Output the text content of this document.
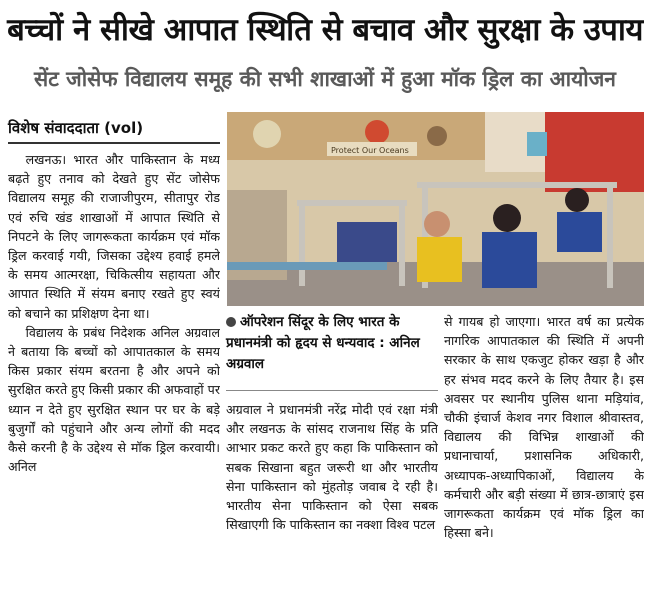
बच्चों ने सीखे आपात स्थिति से बचाव और सुरक्षा के उपाय
सेंट जोसेफ विद्यालय समूह की सभी शाखाओं में हुआ मॉक ड्रिल का आयोजन
विशेष संवाददाता (vol)

लखनऊ। भारत और पाकिस्तान के मध्य बढ़ते हुए तनाव को देखते हुए सेंट जोसेफ विद्यालय समूह की राजाजीपुरम, सीतापुर रोड एवं रुचि खंड शाखाओं में आपात स्थिति से निपटने के लिए जागरूकता कार्यक्रम एवं मॉक ड्रिल करवाई गयी, जिसका उद्देश्य हवाई हमले के समय आत्मरक्षा, चिकित्सीय सहायता और आपात स्थिति में संयम बनाए रखते हुए स्वयं को बचाने का प्रशिक्षण देना था।

विद्यालय के प्रबंध निदेशक अनिल अग्रवाल ने बताया कि बच्चों को आपातकाल के समय किस प्रकार संयम बरतना है और अपने को सुरक्षित करते हुए किसी प्रकार की अफवाहों पर ध्यान न देते हुए सुरक्षित स्थान पर घर के बड़े बुजुर्गों को पहुंचाने और अन्य लोगों की मदद कैसे करनी है के उद्देश्य से मॉक ड्रिल करवायी। अनिल

Protect Our Oceans
ऑपरेशन सिंदूर के लिए भारत के प्रधानमंत्री को हृदय से धन्यवाद : अनिल अग्रवाल
अग्रवाल ने प्रधानमंत्री नरेंद्र मोदी एवं रक्षा मंत्री और लखनऊ के सांसद राजनाथ सिंह के प्रति आभार प्रकट करते हुए कहा कि पाकिस्तान को सबक सिखाना बहुत जरूरी था और भारतीय सेना पाकिस्तान को मुंहतोड़ जवाब दे रही है। भारतीय सेना पाकिस्तान को ऐसा सबक सिखाएगी कि पाकिस्तान का नक्शा विश्व पटल
से गायब हो जाएगा। भारत वर्ष का प्रत्येक नागरिक आपातकाल की स्थिति में अपनी सरकार के साथ एकजुट होकर खड़ा है और हर संभव मदद करने के लिए तैयार है। इस अवसर पर स्थानीय पुलिस थाना मड़ियांव, चौकी इंचार्ज केशव नगर विशाल श्रीवास्तव, विद्यालय की विभिन्न शाखाओं की प्रधानाचार्या, प्रशासनिक अधिकारी, अध्यापक-अध्यापिकाओं, विद्यालय के कर्मचारी और बड़ी संख्या में छात्र-छात्राएं इस जागरूकता कार्यक्रम एवं मॉक ड्रिल का हिस्सा बने।
